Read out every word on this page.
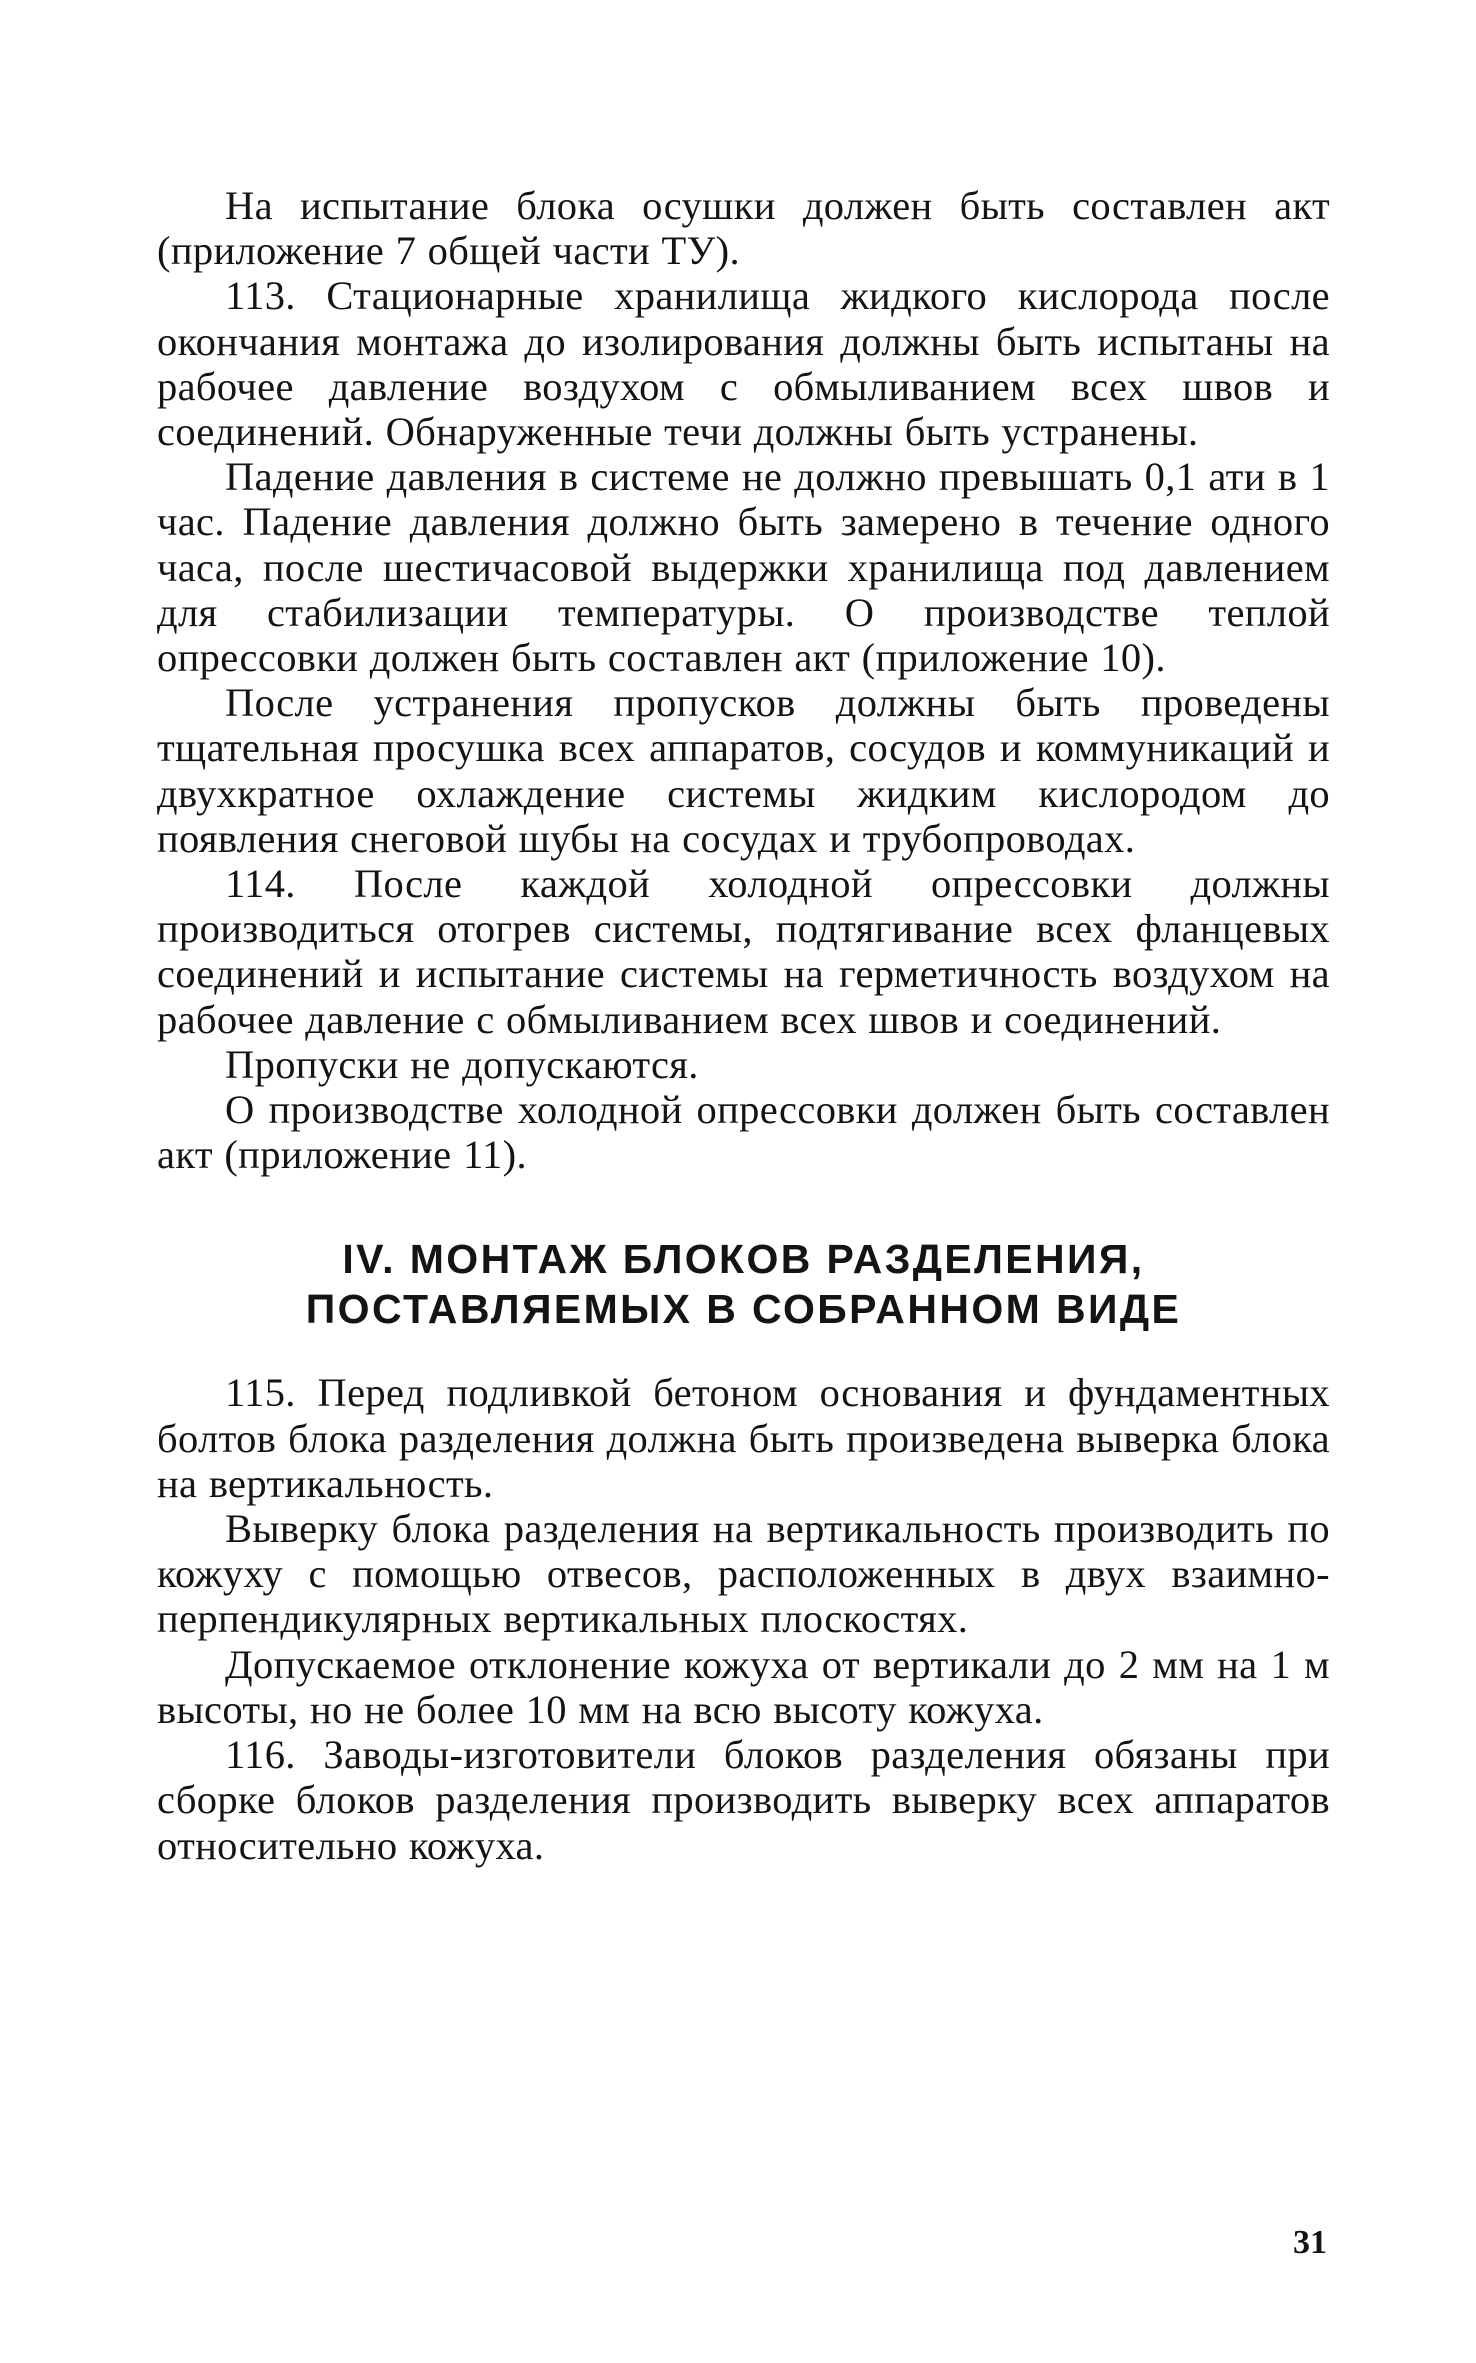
На испытание блока осушки должен быть составлен акт (приложение 7 общей части ТУ).

113. Стационарные хранилища жидкого кислорода после окончания монтажа до изолирования должны быть испытаны на рабочее давление воздухом с обмыливанием всех швов и соединений. Обнаруженные течи должны быть устранены.

Падение давления в системе не должно превышать 0,1 ати в 1 час. Падение давления должно быть замерено в течение одного часа, после шестичасовой выдержки хранилища под давлением для стабилизации температуры. О производстве теплой опрессовки должен быть составлен акт (приложение 10).

После устранения пропусков должны быть проведены тщательная просушка всех аппаратов, сосудов и коммуникаций и двухкратное охлаждение системы жидким кислородом до появления снеговой шубы на сосудах и трубопроводах.

114. После каждой холодной опрессовки должны производиться отогрев системы, подтягивание всех фланцевых соединений и испытание системы на герметичность воздухом на рабочее давление с обмыливанием всех швов и соединений.

Пропуски не допускаются.

О производстве холодной опрессовки должен быть составлен акт (приложение 11).

IV. МОНТАЖ БЛОКОВ РАЗДЕЛЕНИЯ,
ПОСТАВЛЯЕМЫХ В СОБРАННОМ ВИДЕ

115. Перед подливкой бетоном основания и фундаментных болтов блока разделения должна быть произведена выверка блока на вертикальность.

Выверку блока разделения на вертикальность производить по кожуху с помощью отвесов, расположенных в двух взаимно-перпендикулярных вертикальных плоскостях.

Допускаемое отклонение кожуха от вертикали до 2 мм на 1 м высоты, но не более 10 мм на всю высоту кожуха.

116. Заводы-изготовители блоков разделения обязаны при сборке блоков разделения производить выверку всех аппаратов относительно кожуха.

31
